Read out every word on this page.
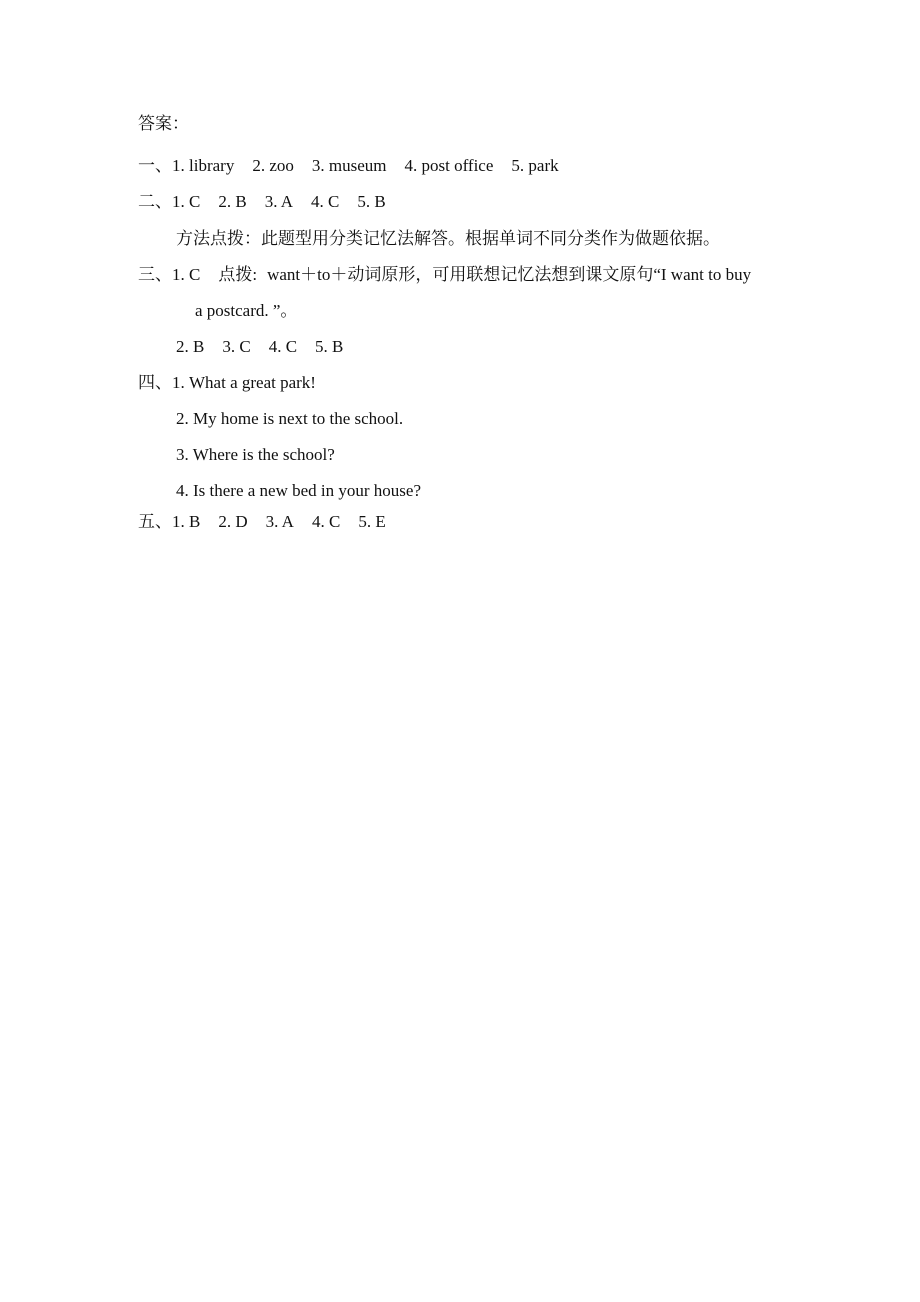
答案：
一、1. library 2. zoo 3. museum 4. post office 5. park
二、1. C 2. B 3. A 4. C 5. B
方法点拨：此题型用分类记忆法解答。根据单词不同分类作为做题依据。
三、1. C 点拨: want＋to＋动词原形，可用联想记忆法想到课文原句“I want to buy
a postcard. ”。
2. B 3. C 4. C 5. B
四、1. What a great park!
2. My home is next to the school.
3. Where is the school?
4. Is there a new bed in your house?
五、1. B 2. D 3. A 4. C 5. E
